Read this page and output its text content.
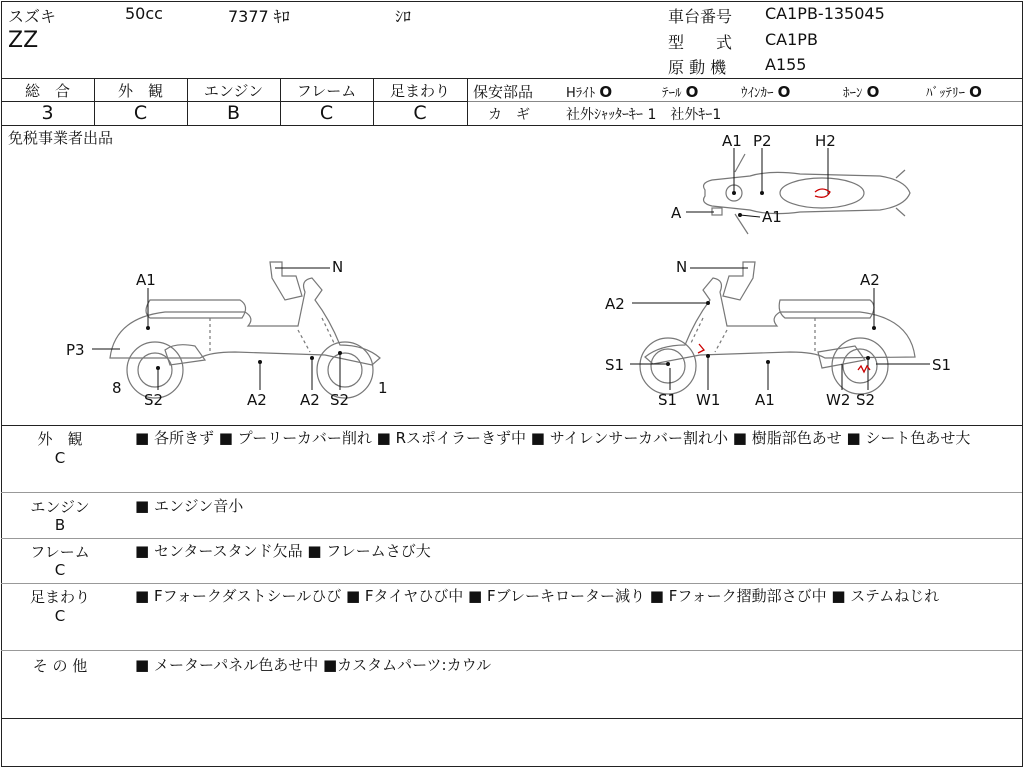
スズキ	50cc	7377 ｷﾛ	ｼﾛ
ZZ
車台番号 CA1PB-135045
型　　式 CA1PB
原 動 機 A155
総　合
3
外　観
C
エンジン
B
フレーム
C
足まわり
C
保安部品	Hﾗｲﾄ O	ﾃｰﾙ O	ｳｲﾝｶｰ O	ﾎｰﾝ O	ﾊﾞｯﾃﾘｰ O
カ　ギ	社外ｼｬｯﾀｰｷｰ 1　社外ｷｰ1
免税事業者出品	A1 P2	H2
A	A1
A1
N
P3
8	1
S2	A2 A2 S2
N
A2
A2
S1
S1
S1
W1 A1	W2 S2
外　観
C
■ 各所きず ■ プーリーカバー削れ ■ Rスポイラーきず中 ■ サイレンサーカバー割れ小 ■ 樹脂部色あせ ■ シート色あせ大
エンジン
B
■ エンジン音小
フレーム
C
■ センタースタンド欠品 ■ フレームさび大
足まわり
C
■ Fフォークダストシールひび ■ Fタイヤひび中 ■ Fブレーキローター減り ■ Fフォーク摺動部さび中 ■ ステムねじれ
そ の 他	■ メーターパネル色あせ中 ■カスタムパーツ:カウル
